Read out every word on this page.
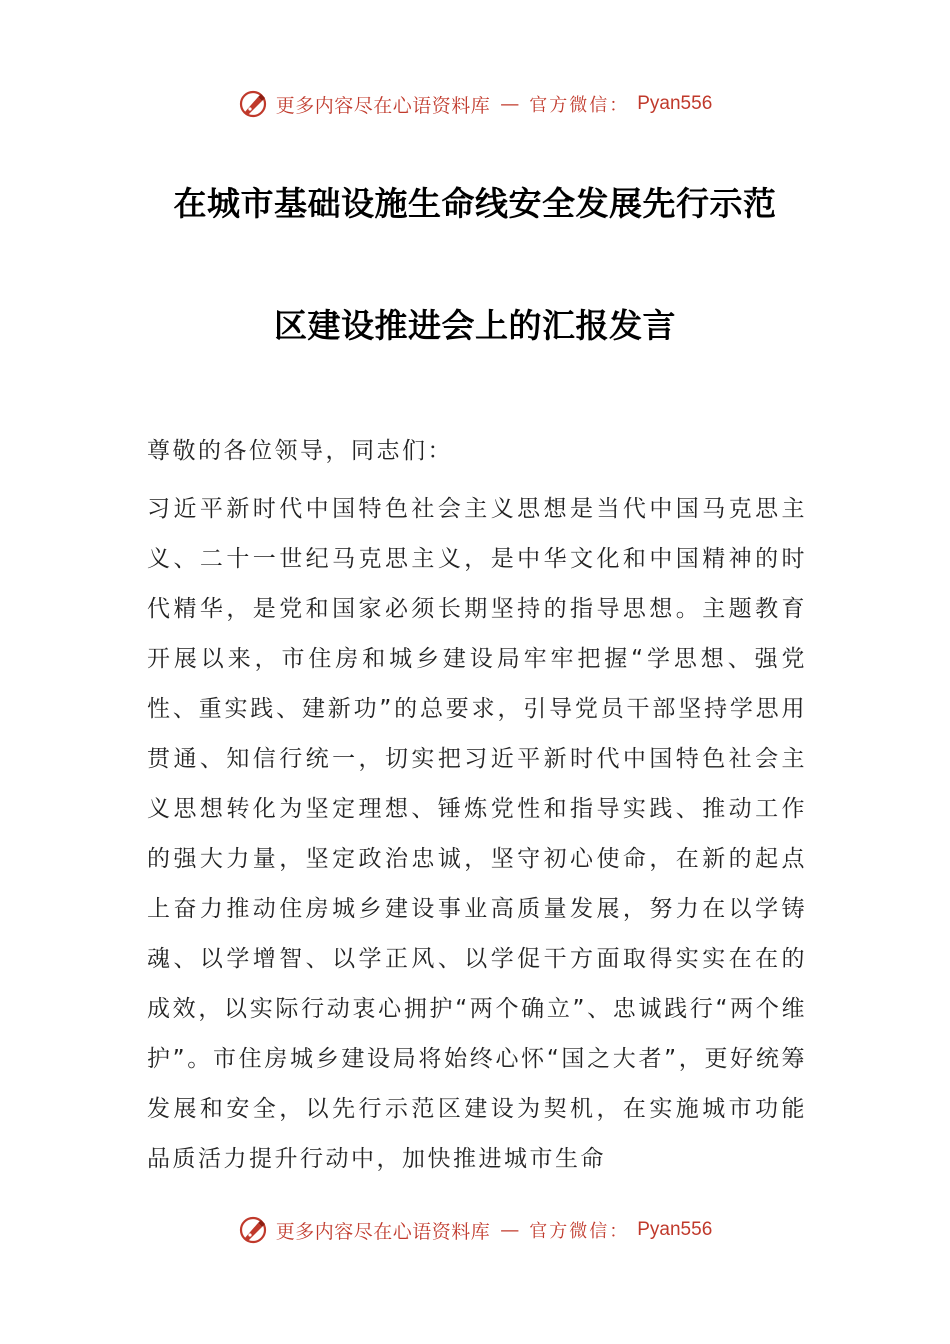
更多内容尽在心语资料库 — 官方微信： Pyan556
在城市基础设施生命线安全发展先行示范
区建设推进会上的汇报发言
尊敬的各位领导，同志们：
习近平新时代中国特色社会主义思想是当代中国马克思主义、二十一世纪马克思主义，是中华文化和中国精神的时代精华，是党和国家必须长期坚持的指导思想。主题教育开展以来，市住房和城乡建设局牢牢把握“学思想、强党性、重实践、建新功”的总要求，引导党员干部坚持学思用贯通、知信行统一，切实把习近平新时代中国特色社会主义思想转化为坚定理想、锤炼党性和指导实践、推动工作的强大力量，坚定政治忠诚，坚守初心使命，在新的起点上奋力推动住房城乡建设事业高质量发展，努力在以学铸魂、以学增智、以学正风、以学促干方面取得实实在在的成效，以实际行动衷心拥护“两个确立”、忠诚践行“两个维护”。市住房城乡建设局将始终心怀“国之大者”，更好统筹发展和安全，以先行示范区建设为契机，在实施城市功能品质活力提升行动中，加快推进城市生命
更多内容尽在心语资料库 — 官方微信： Pyan556
